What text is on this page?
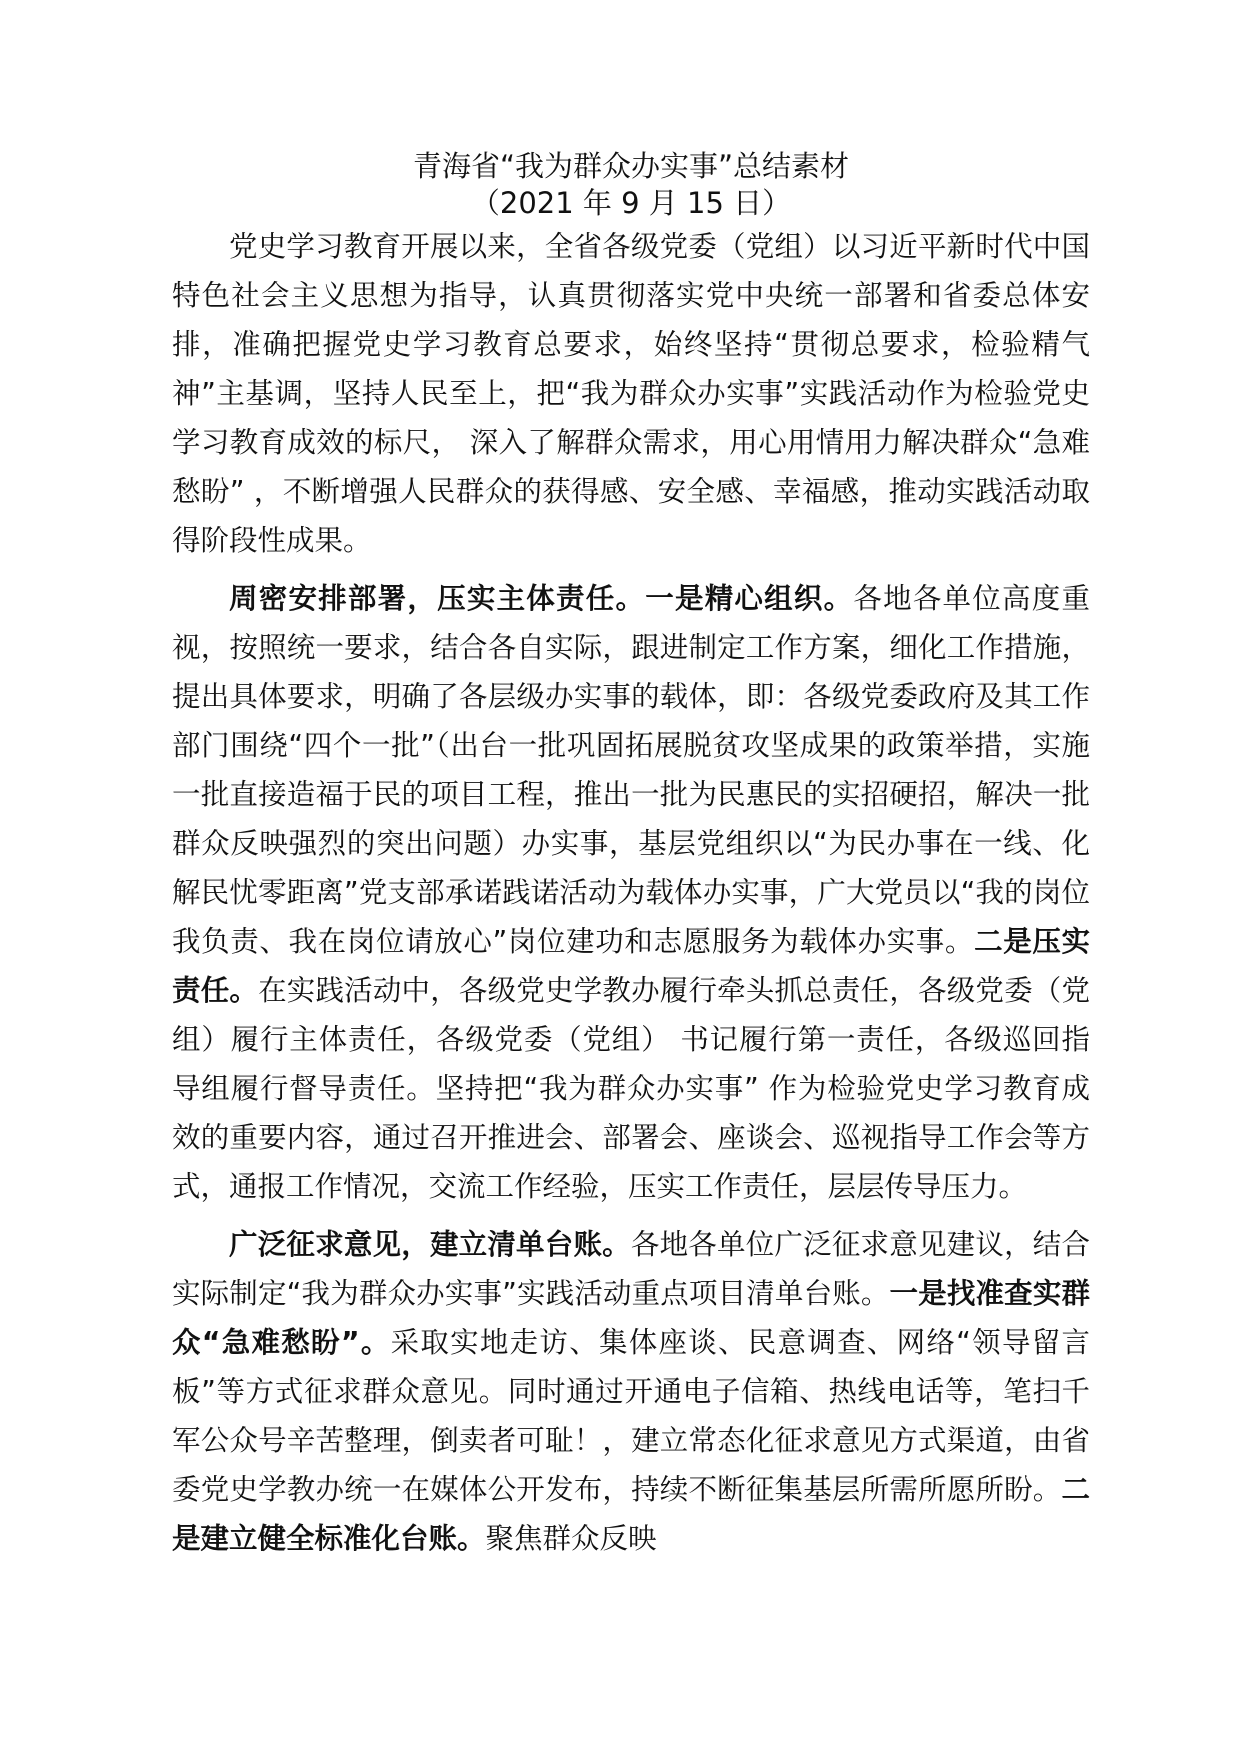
青海省“我为群众办实事”总结素材

（2021 年 9 月 15 日）

党史学习教育开展以来，全省各级党委（党组）以习近平新时代中国特色社会主义思想为指导，认真贯彻落实党中央统一部署和省委总体安排，准确把握党史学习教育总要求，始终坚持“贯彻总要求，检验精气神”主基调，坚持人民至上，把“我为群众办实事”实践活动作为检验党史学习教育成效的标尺， 深入了解群众需求，用心用情用力解决群众“急难愁盼” ，不断增强人民群众的获得感、安全感、幸福感，推动实践活动取得阶段性成果。

周密安排部署，压实主体责任。一是精心组织。各地各单位高度重视，按照统一要求，结合各自实际，跟进制定工作方案，细化工作措施，提出具体要求，明确了各层级办实事的载体，即：各级党委政府及其工作部门围绕“四个一批”（出台一批巩固拓展脱贫攻坚成果的政策举措，实施一批直接造福于民的项目工程，推出一批为民惠民的实招硬招，解决一批群众反映强烈的突出问题）办实事，基层党组织以“为民办事在一线、化解民忧零距离”党支部承诺践诺活动为载体办实事，广大党员以“我的岗位我负责、我在岗位请放心”岗位建功和志愿服务为载体办实事。二是压实责任。在实践活动中，各级党史学教办履行牵头抓总责任，各级党委（党组）履行主体责任，各级党委（党组） 书记履行第一责任，各级巡回指导组履行督导责任。坚持把“我为群众办实事” 作为检验党史学习教育成效的重要内容，通过召开推进会、部署会、座谈会、巡视指导工作会等方式，通报工作情况，交流工作经验，压实工作责任，层层传导压力。

广泛征求意见，建立清单台账。各地各单位广泛征求意见建议，结合实际制定“我为群众办实事”实践活动重点项目清单台账。一是找准查实群众“急难愁盼”。采取实地走访、集体座谈、民意调查、网络“领导留言板”等方式征求群众意见。同时通过开通电子信箱、热线电话等，笔扫千军公众号辛苦整理，倒卖者可耻！，建立常态化征求意见方式渠道，由省委党史学教办统一在媒体公开发布，持续不断征集基层所需所愿所盼。二是建立健全标准化台账。聚焦群众反映
